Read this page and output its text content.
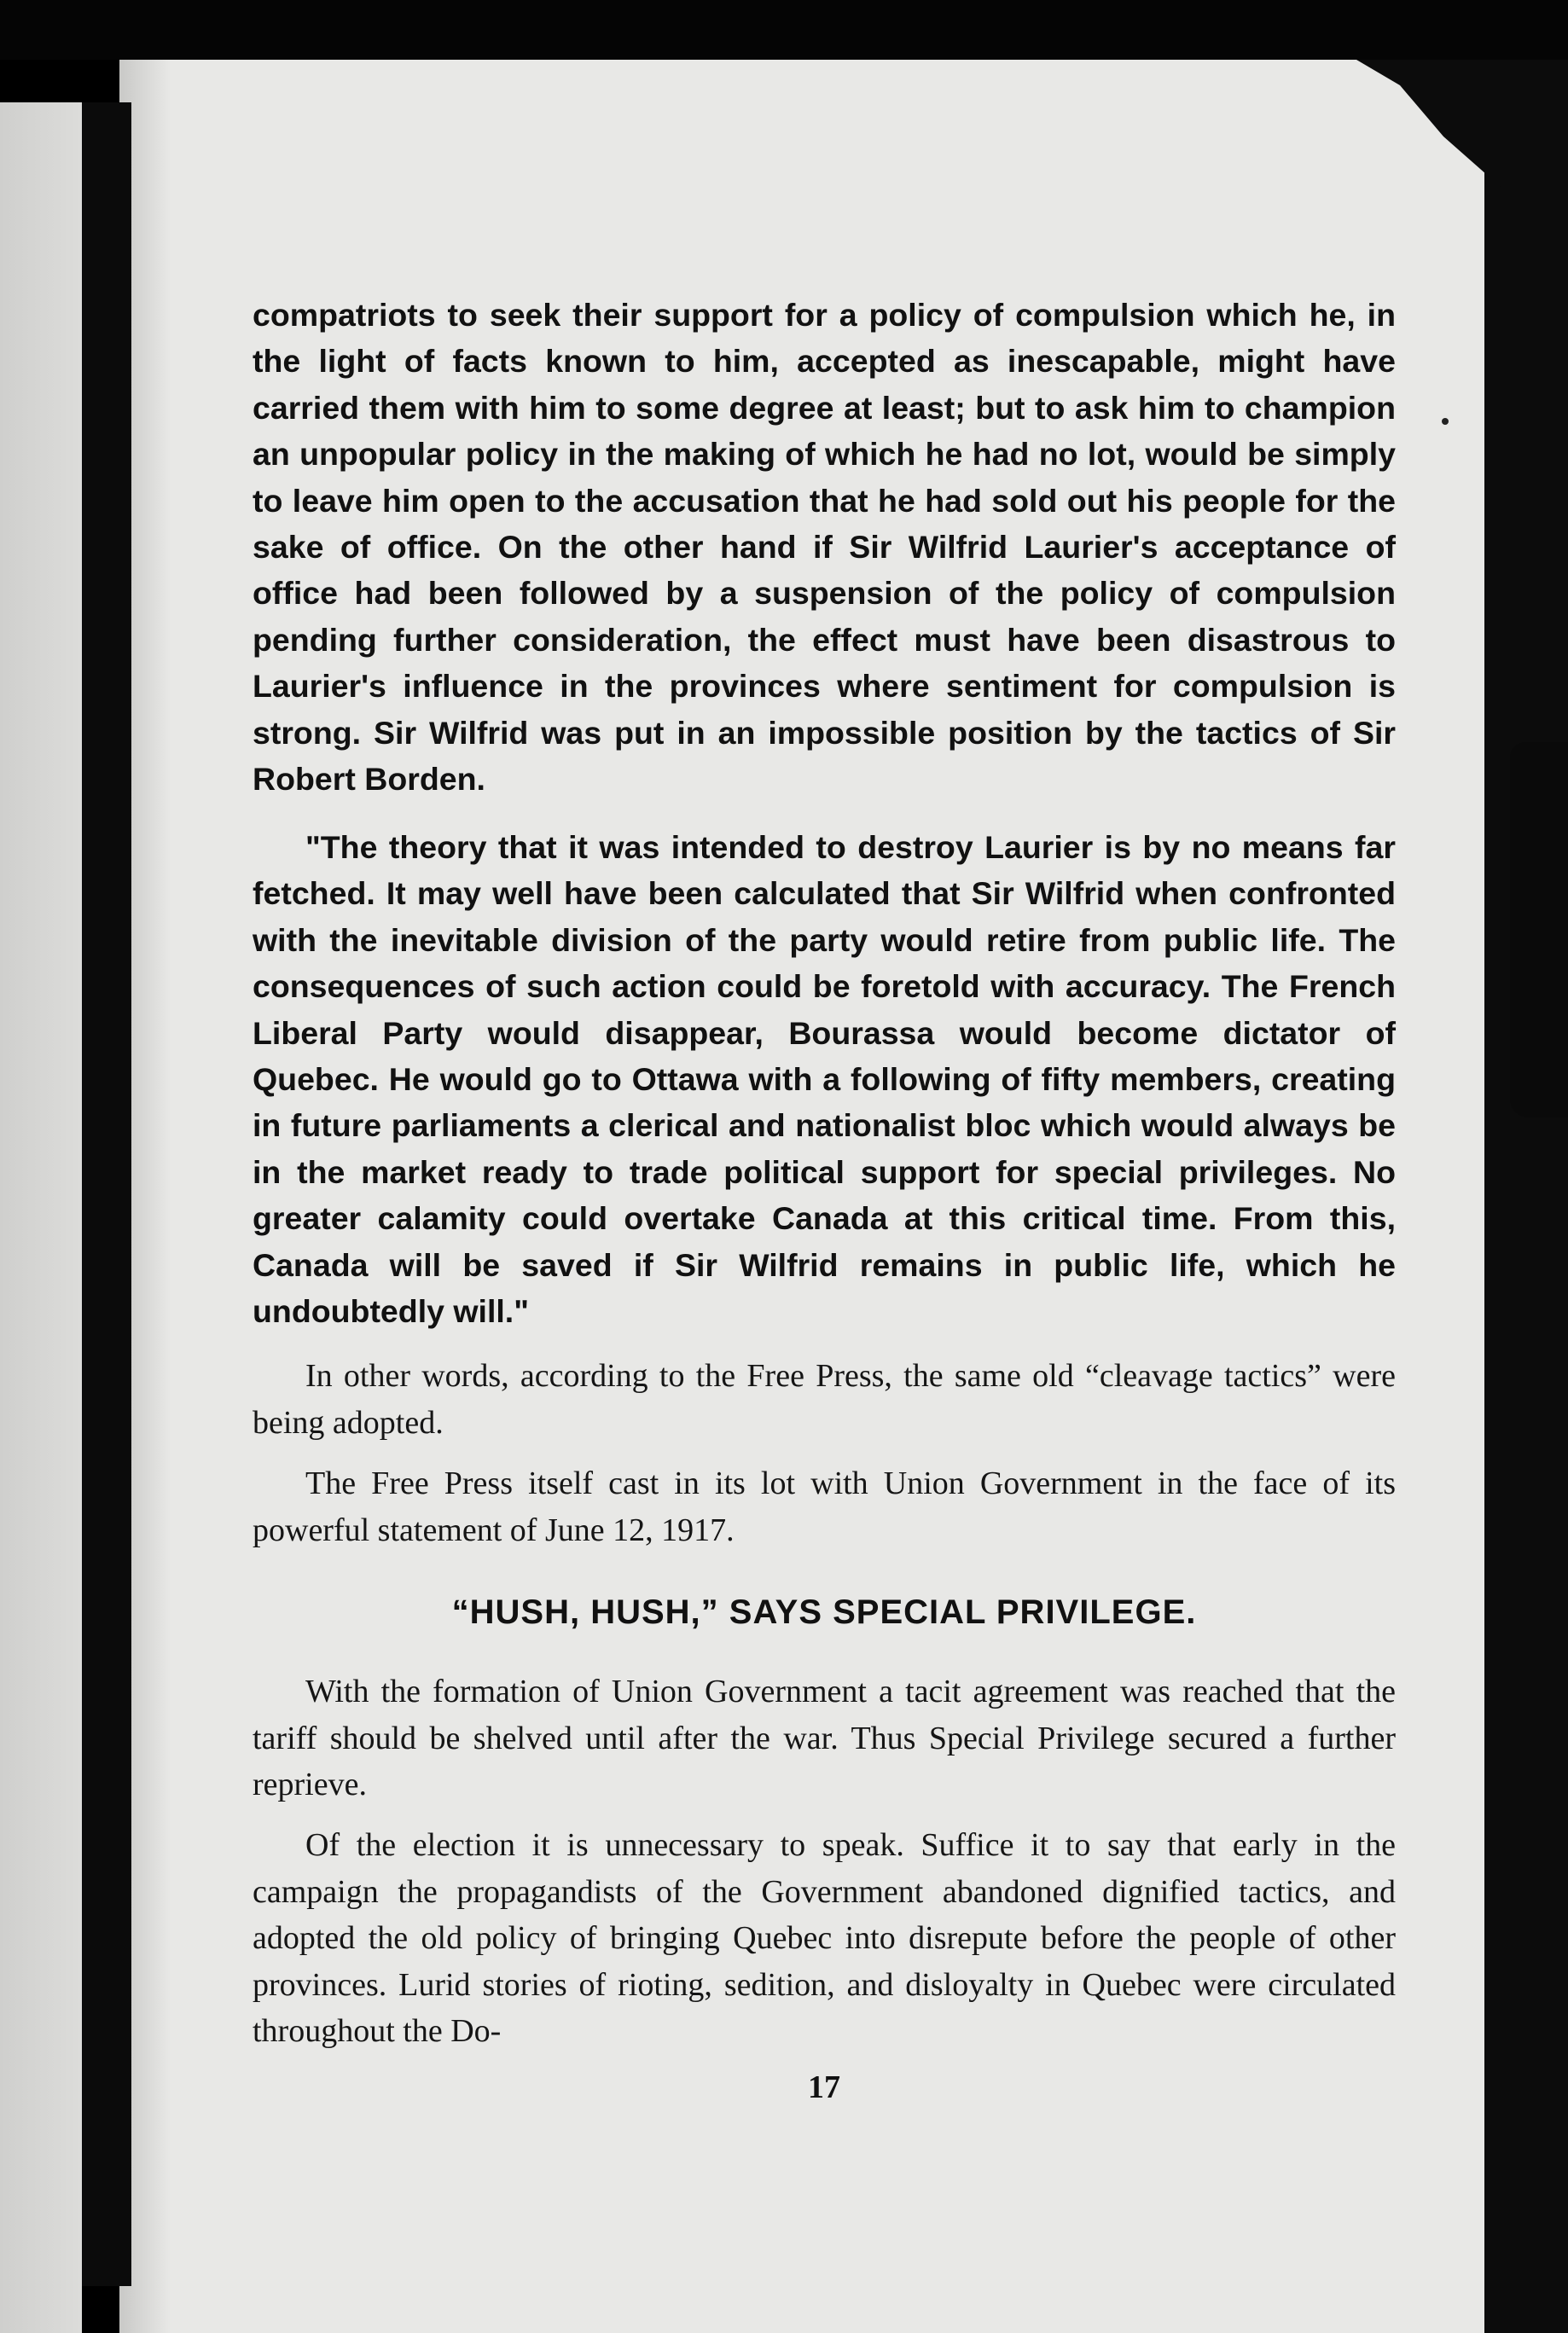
compatriots to seek their support for a policy of compulsion which he, in the light of facts known to him, accepted as inescapable, might have carried them with him to some degree at least; but to ask him to champion an unpopular policy in the making of which he had no lot, would be simply to leave him open to the accusation that he had sold out his people for the sake of office. On the other hand if Sir Wilfrid Laurier's acceptance of office had been followed by a suspension of the policy of compulsion pending further consideration, the effect must have been disastrous to Laurier's influence in the provinces where sentiment for compulsion is strong. Sir Wilfrid was put in an impossible position by the tactics of Sir Robert Borden.
"The theory that it was intended to destroy Laurier is by no means far fetched. It may well have been calculated that Sir Wilfrid when confronted with the inevitable division of the party would retire from public life. The consequences of such action could be foretold with accuracy. The French Liberal Party would disappear, Bourassa would become dictator of Quebec. He would go to Ottawa with a following of fifty members, creating in future parliaments a clerical and nationalist bloc which would always be in the market ready to trade political support for special privileges. No greater calamity could overtake Canada at this critical time. From this, Canada will be saved if Sir Wilfrid remains in public life, which he undoubtedly will."
In other words, according to the Free Press, the same old “cleavage tactics” were being adopted.
The Free Press itself cast in its lot with Union Government in the face of its powerful statement of June 12, 1917.
“HUSH, HUSH,” SAYS SPECIAL PRIVILEGE.
With the formation of Union Government a tacit agreement was reached that the tariff should be shelved until after the war. Thus Special Privilege secured a further reprieve.
Of the election it is unnecessary to speak. Suffice it to say that early in the campaign the propagandists of the Government abandoned dignified tactics, and adopted the old policy of bringing Quebec into disrepute before the people of other provinces. Lurid stories of rioting, sedition, and disloyalty in Quebec were circulated throughout the Do-
17
